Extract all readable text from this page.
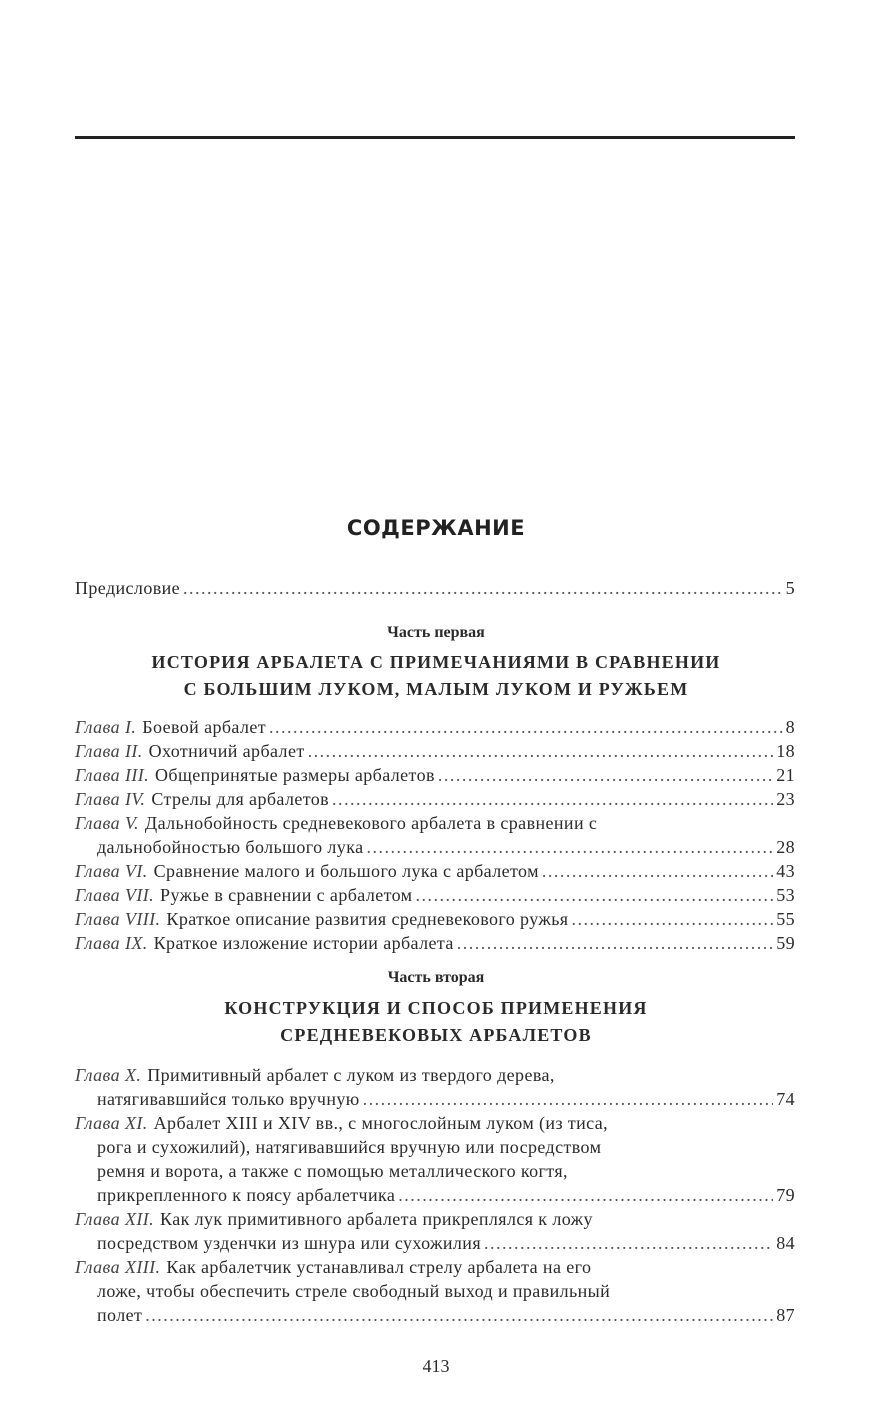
СОДЕРЖАНИЕ
Предисловие .....	5
Часть первая
ИСТОРИЯ АРБАЛЕТА С ПРИМЕЧАНИЯМИ В СРАВНЕНИИ
С БОЛЬШИМ ЛУКОМ, МАЛЫМ ЛУКОМ И РУЖЬЕМ
Глава I. Боевой арбалет .....	8
Глава II. Охотничий арбалет .....	18
Глава III. Общепринятые размеры арбалетов .....	21
Глава IV. Стрелы для арбалетов .....	23
Глава V. Дальнобойность средневекового арбалета в сравнении с
дальнобойностью большого лука .....	28
Глава VI. Сравнение малого и большого лука с арбалетом .....	43
Глава VII. Ружье в сравнении с арбалетом .....	53
Глава VIII. Краткое описание развития средневекового ружья .....	55
Глава IX. Краткое изложение истории арбалета .....	59
Часть вторая
КОНСТРУКЦИЯ И СПОСОБ ПРИМЕНЕНИЯ
СРЕДНЕВЕКОВЫХ АРБАЛЕТОВ
Глава X. Примитивный арбалет с луком из твердого дерева,
натягивавшийся только вручную .....	74
Глава XI. Арбалет XIII и XIV вв., с многослойным луком (из тиса,
рога и сухожилий), натягивавшийся вручную или посредством
ремня и ворота, а также с помощью металлического когтя,
прикрепленного к поясу арбалетчика .....	79
Глава XII. Как лук примитивного арбалета прикреплялся к ложу
посредством узденчки из шнура или сухожилия .....	84
Глава XIII. Как арбалетчик устанавливал стрелу арбалета на его
ложе, чтобы обеспечить стреле свободный выход и правильный
полет .....	87
413
